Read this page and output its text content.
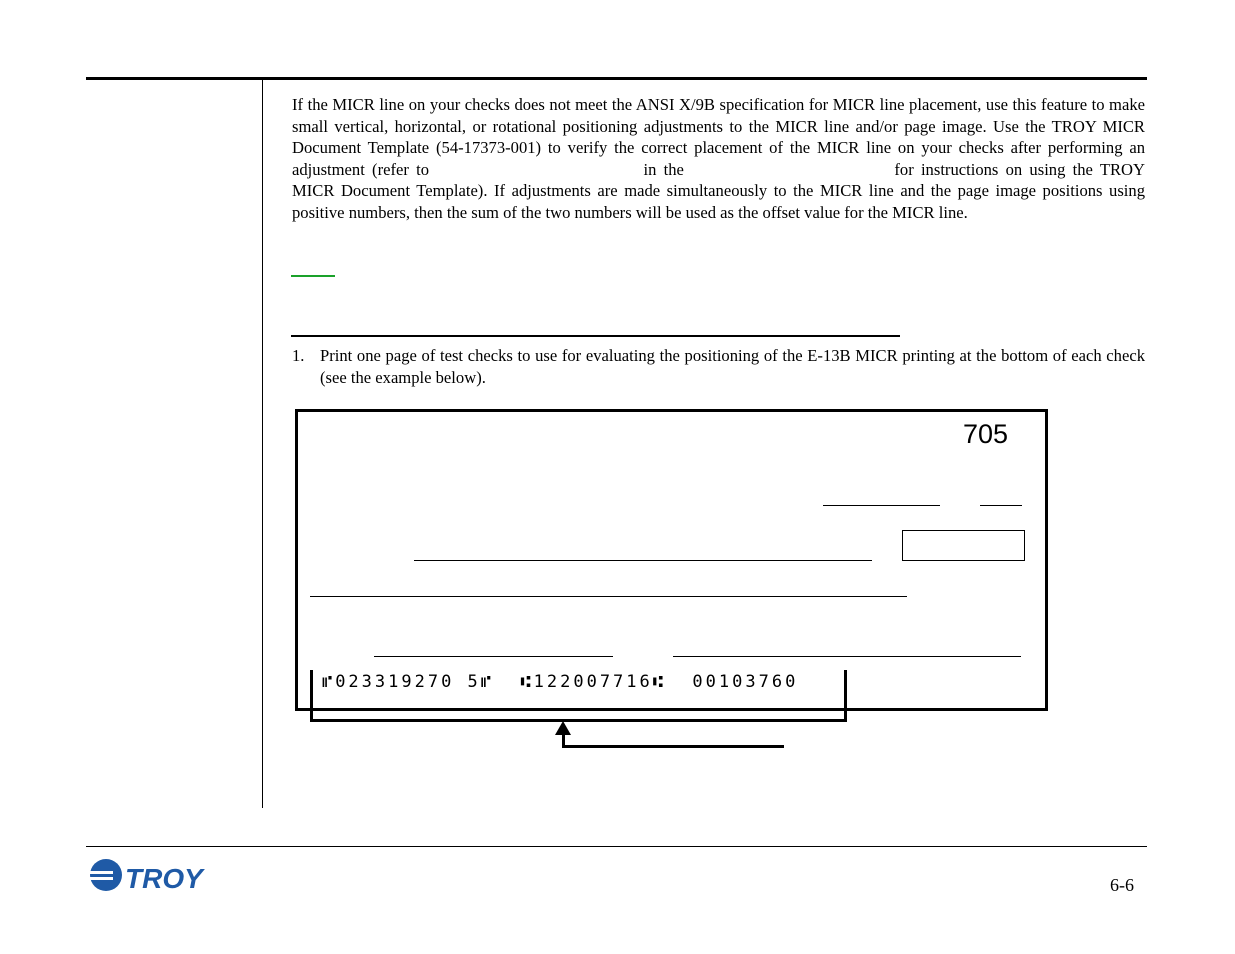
If the MICR line on your checks does not meet the ANSI X/9B specification for MICR line placement, use this feature to make small vertical, horizontal, or rotational positioning adjustments to the MICR line and/or page image. Use the TROY MICR Document Template (54-17373-001) to verify the correct placement of the MICR line on your checks after performing an adjustment (refer to	in the	for instructions on using the TROY MICR Document Template). If adjustments are made simultaneously to the MICR line and the page image positions using positive numbers, then the sum of the two numbers will be used as the offset value for the MICR line.
1. Print one page of test checks to use for evaluating the positioning of the E-13B MICR printing at the bottom of each check (see the example below).
705
⑈023319270 5⑈  ⑆122007716⑆  00103760
TROY	6-6
